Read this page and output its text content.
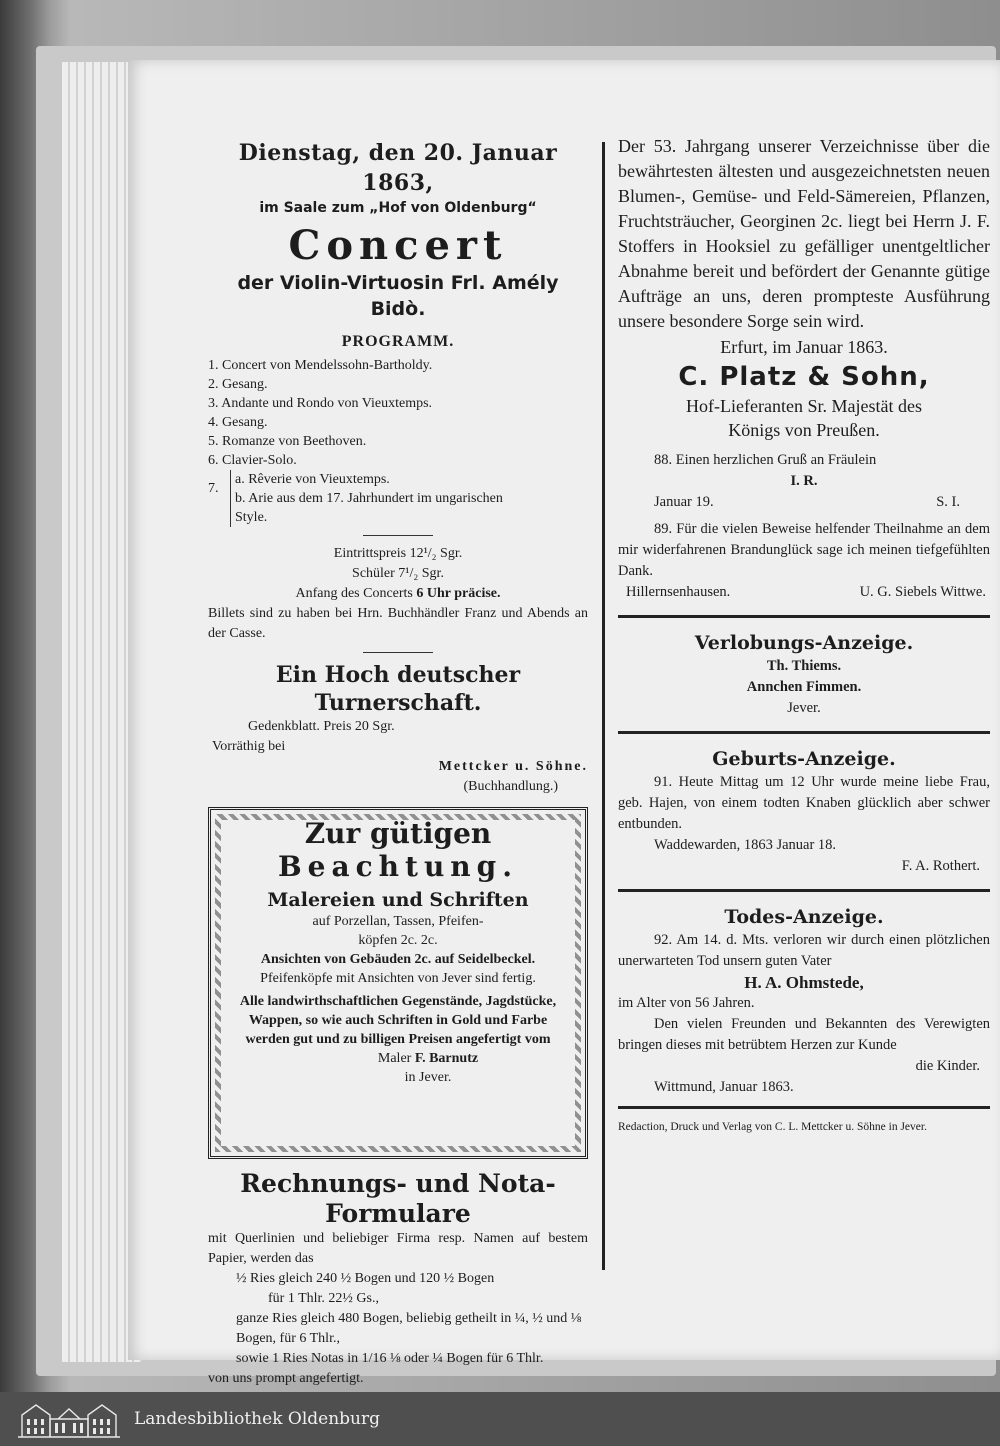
Dienstag, den 20. Januar 1863,
im Saale zum „Hof von Oldenburg“
Concert
der Violin-Virtuosin Frl. Amély Bidò.
PROGRAMM.
1. Concert von Mendelssohn-Bartholdy.
2. Gesang.
3. Andante und Rondo von Vieuxtemps.
4. Gesang.
5. Romanze von Beethoven.
6. Clavier-Solo.
7.
a. Rêverie von Vieuxtemps.
b. Arie aus dem 17. Jahrhundert im ungarischen
Style.
Eintrittspreis 12¹/₂ Sgr.
Schüler 7¹/₂ Sgr.
Anfang des Concerts 6 Uhr präcise.
Billets sind zu haben bei Hrn. Buchhändler Franz und Abends an der Casse.
Ein Hoch deutscher Turnerschaft.
Gedenkblatt. Preis 20 Sgr.
Vorräthig bei
Mettcker u. Söhne.
(Buchhandlung.)
Zur gütigen
Beachtung.
Malereien und Schriften
auf Porzellan, Tassen, Pfeifen-
köpfen 2c. 2c.
Ansichten von Gebäuden 2c. auf Seidelbeckel.
Pfeifenköpfe mit Ansichten von Jever sind fertig.
Alle landwirthschaftlichen Gegenstände, Jagdstücke, Wappen, so wie auch Schriften in Gold und Farbe werden gut und zu billigen Preisen angefertigt vom
Maler F. Barnutz
in Jever.
Rechnungs- und Nota-
Formulare
mit Querlinien und beliebiger Firma resp. Namen auf bestem Papier, werden das
½ Ries gleich 240 ½ Bogen und 120 ½ Bogen
für 1 Thlr. 22½ Gs.,
ganze Ries gleich 480 Bogen, beliebig getheilt in ¼, ½ und ⅛ Bogen, für 6 Thlr.,
sowie 1 Ries Notas in 1/16 ⅛ oder ¼ Bogen für 6 Thlr.
von uns prompt angefertigt.
Der 53. Jahrgang unserer Verzeichnisse über die bewährtesten ältesten und ausgezeichnetsten neuen Blumen-, Gemüse- und Feld-Sämereien, Pflanzen, Fruchtsträucher, Georginen 2c. liegt bei Herrn J. F. Stoffers in Hooksiel zu gefälliger unentgeltlicher Abnahme bereit und befördert der Genannte gütige Aufträge an uns, deren prompteste Ausführung unsere besondere Sorge sein wird.
Erfurt, im Januar 1863.
C. Platz & Sohn,
Hof-Lieferanten Sr. Majestät des
Königs von Preußen.
88. Einen herzlichen Gruß an Fräulein
I. R.
Januar 19.	S. I.
89. Für die vielen Beweise helfender Theilnahme an dem mir widerfahrenen Brandunglück sage ich meinen tiefgefühlten Dank.
Hillernsenhausen.	U. G. Siebels Wittwe.
Verlobungs-Anzeige.
Th. Thiems.
Annchen Fimmen.
Jever.
Geburts-Anzeige.
91. Heute Mittag um 12 Uhr wurde meine liebe Frau, geb. Hajen, von einem todten Knaben glücklich aber schwer entbunden.
Waddewarden, 1863 Januar 18.
F. A. Rothert.
Todes-Anzeige.
92. Am 14. d. Mts. verloren wir durch einen plötzlichen unerwarteten Tod unsern guten Vater
H. A. Ohmstede,
im Alter von 56 Jahren.
Den vielen Freunden und Bekannten des Verewigten bringen dieses mit betrübtem Herzen zur Kunde
die Kinder.
Wittmund, Januar 1863.
Redaction, Druck und Verlag von C. L. Mettcker u. Söhne in Jever.
Landesbibliothek Oldenburg
